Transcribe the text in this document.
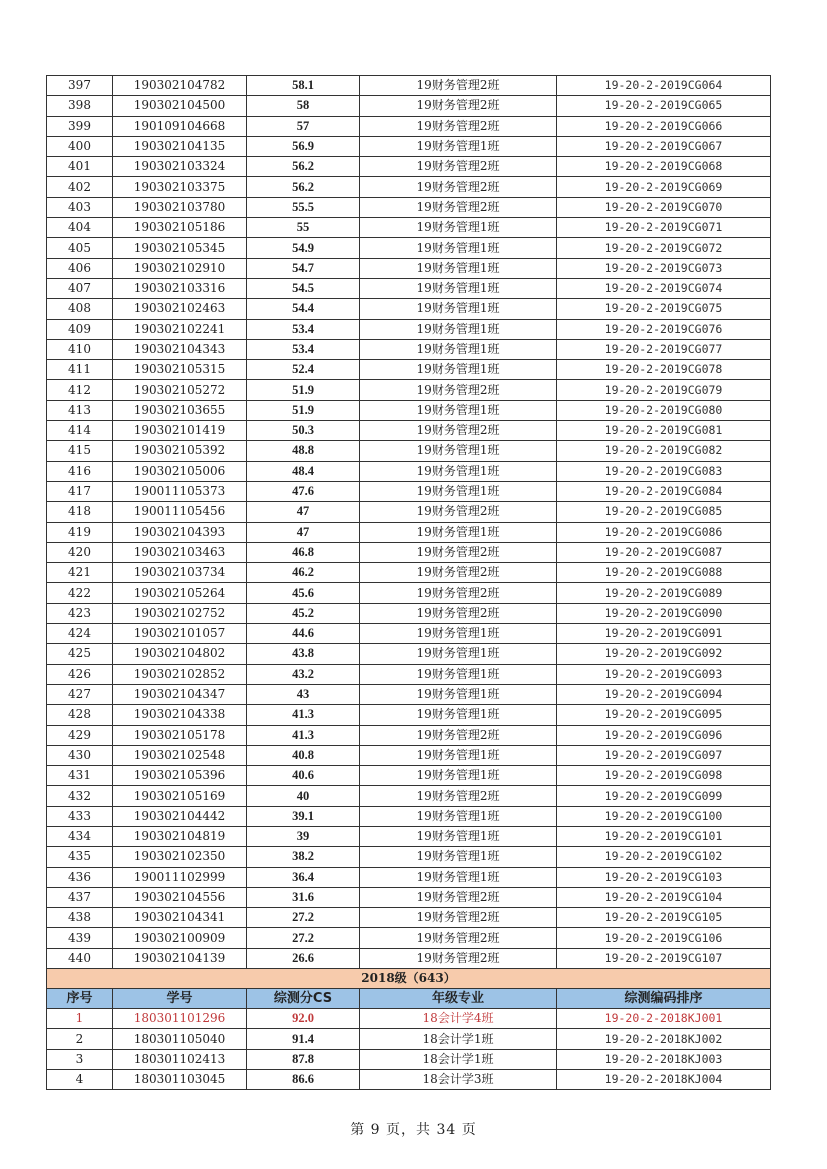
397	190302104782	58.1	19财务管理2班	19-20-2-2019CG064
398	190302104500	58	19财务管理2班	19-20-2-2019CG065
399	190109104668	57	19财务管理2班	19-20-2-2019CG066
400	190302104135	56.9	19财务管理1班	19-20-2-2019CG067
401	190302103324	56.2	19财务管理2班	19-20-2-2019CG068
402	190302103375	56.2	19财务管理2班	19-20-2-2019CG069
403	190302103780	55.5	19财务管理2班	19-20-2-2019CG070
404	190302105186	55	19财务管理1班	19-20-2-2019CG071
405	190302105345	54.9	19财务管理1班	19-20-2-2019CG072
406	190302102910	54.7	19财务管理1班	19-20-2-2019CG073
407	190302103316	54.5	19财务管理1班	19-20-2-2019CG074
408	190302102463	54.4	19财务管理1班	19-20-2-2019CG075
409	190302102241	53.4	19财务管理1班	19-20-2-2019CG076
410	190302104343	53.4	19财务管理1班	19-20-2-2019CG077
411	190302105315	52.4	19财务管理1班	19-20-2-2019CG078
412	190302105272	51.9	19财务管理2班	19-20-2-2019CG079
413	190302103655	51.9	19财务管理1班	19-20-2-2019CG080
414	190302101419	50.3	19财务管理2班	19-20-2-2019CG081
415	190302105392	48.8	19财务管理1班	19-20-2-2019CG082
416	190302105006	48.4	19财务管理1班	19-20-2-2019CG083
417	190011105373	47.6	19财务管理1班	19-20-2-2019CG084
418	190011105456	47	19财务管理2班	19-20-2-2019CG085
419	190302104393	47	19财务管理1班	19-20-2-2019CG086
420	190302103463	46.8	19财务管理2班	19-20-2-2019CG087
421	190302103734	46.2	19财务管理2班	19-20-2-2019CG088
422	190302105264	45.6	19财务管理2班	19-20-2-2019CG089
423	190302102752	45.2	19财务管理2班	19-20-2-2019CG090
424	190302101057	44.6	19财务管理1班	19-20-2-2019CG091
425	190302104802	43.8	19财务管理1班	19-20-2-2019CG092
426	190302102852	43.2	19财务管理1班	19-20-2-2019CG093
427	190302104347	43	19财务管理1班	19-20-2-2019CG094
428	190302104338	41.3	19财务管理1班	19-20-2-2019CG095
429	190302105178	41.3	19财务管理2班	19-20-2-2019CG096
430	190302102548	40.8	19财务管理1班	19-20-2-2019CG097
431	190302105396	40.6	19财务管理1班	19-20-2-2019CG098
432	190302105169	40	19财务管理2班	19-20-2-2019CG099
433	190302104442	39.1	19财务管理1班	19-20-2-2019CG100
434	190302104819	39	19财务管理1班	19-20-2-2019CG101
435	190302102350	38.2	19财务管理1班	19-20-2-2019CG102
436	190011102999	36.4	19财务管理1班	19-20-2-2019CG103
437	190302104556	31.6	19财务管理2班	19-20-2-2019CG104
438	190302104341	27.2	19财务管理2班	19-20-2-2019CG105
439	190302100909	27.2	19财务管理2班	19-20-2-2019CG106
440	190302104139	26.6	19财务管理2班	19-20-2-2019CG107
2018级（643）				
序号	学号	综测分CS	年级专业	综测编码排序
1	180301101296	92.0	18会计学4班	19-20-2-2018KJ001
2	180301105040	91.4	18会计学1班	19-20-2-2018KJ002
3	180301102413	87.8	18会计学1班	19-20-2-2018KJ003
4	180301103045	86.6	18会计学3班	19-20-2-2018KJ004
第 9 页，共 34 页
